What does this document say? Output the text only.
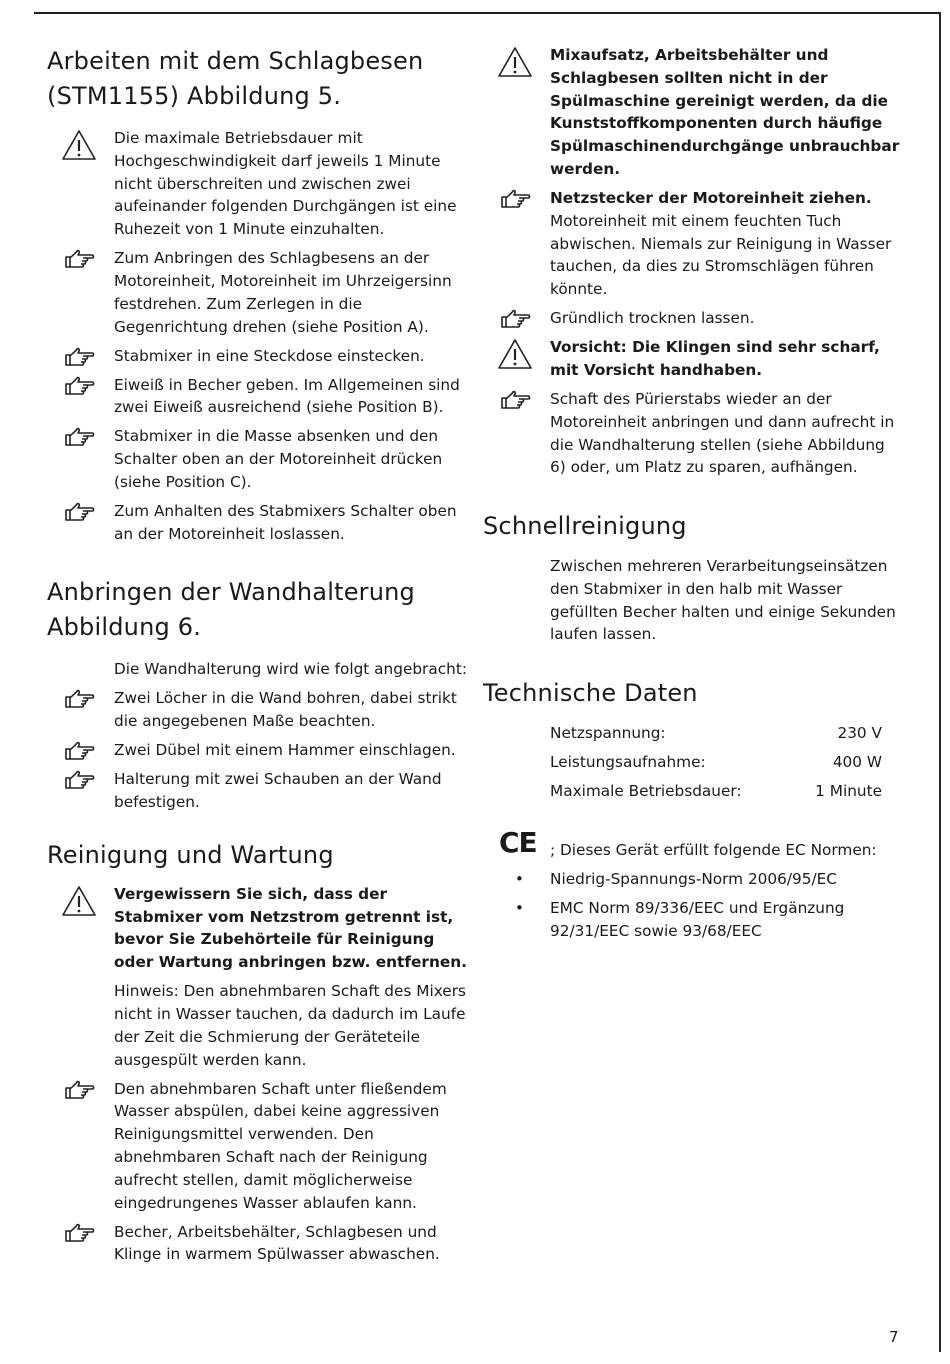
Arbeiten mit dem Schlagbesen (STM1155) Abbildung 5.
Die maximale Betriebsdauer mit Hochgeschwindigkeit darf jeweils 1 Minute nicht überschreiten und zwischen zwei aufeinander folgenden Durchgängen ist eine Ruhezeit von 1 Minute einzuhalten.
Zum Anbringen des Schlagbesens an der Motoreinheit, Motoreinheit im Uhrzeigersinn festdrehen. Zum Zerlegen in die Gegenrichtung drehen (siehe Position A).
Stabmixer in eine Steckdose einstecken.
Eiweiß in Becher geben. Im Allgemeinen sind zwei Eiweiß ausreichend (siehe Position B).
Stabmixer in die Masse absenken und den Schalter oben an der Motoreinheit drücken (siehe Position C).
Zum Anhalten des Stabmixers Schalter oben an der Motoreinheit loslassen.
Anbringen der Wandhalterung Abbildung 6.
Die Wandhalterung wird wie folgt angebracht:
Zwei Löcher in die Wand bohren, dabei strikt die angegebenen Maße beachten.
Zwei Dübel mit einem Hammer einschlagen.
Halterung mit zwei Schauben an der Wand befestigen.
Reinigung und Wartung
Vergewissern Sie sich, dass der Stabmixer vom Netzstrom getrennt ist, bevor Sie Zubehörteile für Reinigung oder Wartung anbringen bzw. entfernen.
Hinweis: Den abnehmbaren Schaft des Mixers nicht in Wasser tauchen, da dadurch im Laufe der Zeit die Schmierung der Geräteteile ausgespült werden kann.
Den abnehmbaren Schaft unter fließendem Wasser abspülen, dabei keine aggressiven Reinigungsmittel verwenden. Den abnehmbaren Schaft nach der Reinigung aufrecht stellen, damit möglicherweise eingedrungenes Wasser ablaufen kann.
Becher, Arbeitsbehälter, Schlagbesen und Klinge in warmem Spülwasser abwaschen.
Mixaufsatz, Arbeitsbehälter und Schlagbesen sollten nicht in der Spülmaschine gereinigt werden, da die Kunststoffkomponenten durch häufige Spülmaschinendurchgänge unbrauchbar werden.
Netzstecker der Motoreinheit ziehen.
Motoreinheit mit einem feuchten Tuch abwischen. Niemals zur Reinigung in Wasser tauchen, da dies zu Stromschlägen führen könnte.
Gründlich trocknen lassen.
Vorsicht: Die Klingen sind sehr scharf, mit Vorsicht handhaben.
Schaft des Pürierstabs wieder an der Motoreinheit anbringen und dann aufrecht in die Wandhalterung stellen (siehe Abbildung 6) oder, um Platz zu sparen, aufhängen.
Schnellreinigung
Zwischen mehreren Verarbeitungseinsätzen den Stabmixer in den halb mit Wasser gefüllten Becher halten und einige Sekunden laufen lassen.
Technische Daten
Netzspannung:	230 V
Leistungsaufnahme:	400 W
Maximale Betriebsdauer:	1 Minute
CE ; Dieses Gerät erfüllt folgende EC Normen:
• Niedrig-Spannungs-Norm 2006/95/EC
• EMC Norm 89/336/EEC und Ergänzung 92/31/EEC sowie 93/68/EEC
7
